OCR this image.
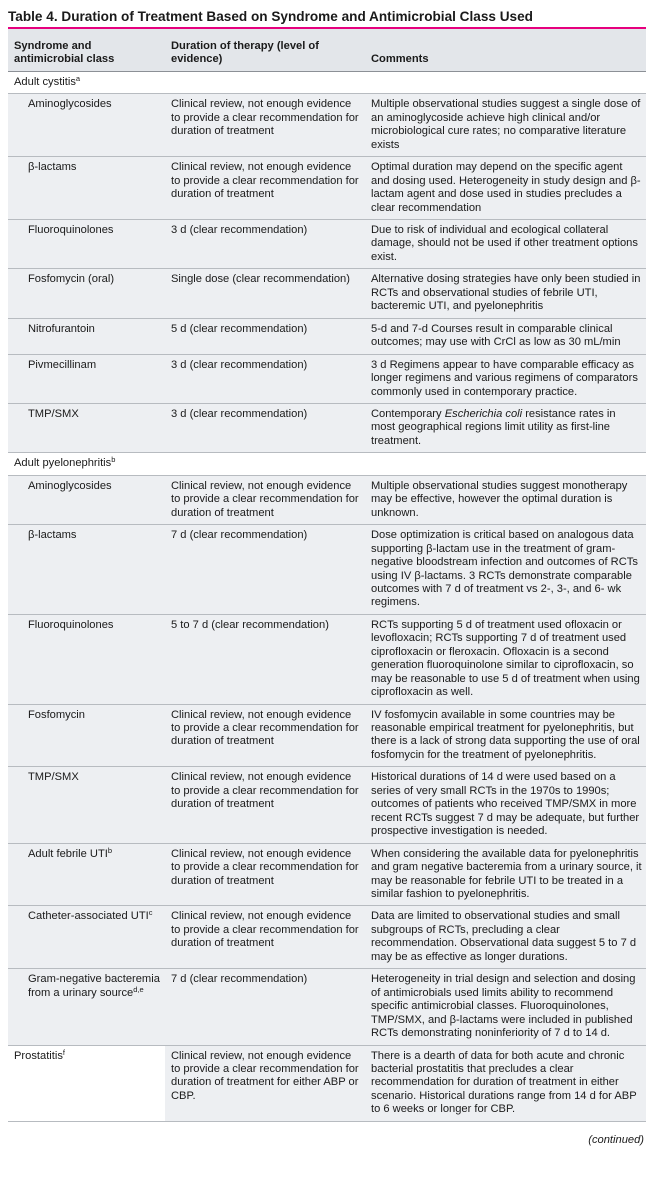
Table 4. Duration of Treatment Based on Syndrome and Antimicrobial Class Used
Syndrome and antimicrobial class	Duration of therapy (level of evidence)	Comments
Adult cystitis$^a$
Aminoglycosides	Clinical review, not enough evidence to provide a clear recommendation for duration of treatment	Multiple observational studies suggest a single dose of an aminoglycoside achieve high clinical and/or microbiological cure rates; no comparative literature exists
β-lactams	Clinical review, not enough evidence to provide a clear recommendation for duration of treatment	Optimal duration may depend on the specific agent and dosing used. Heterogeneity in study design and β-lactam agent and dose used in studies precludes a clear recommendation
Fluoroquinolones	3 d (clear recommendation)	Due to risk of individual and ecological collateral damage, should not be used if other treatment options exist.
Fosfomycin (oral)	Single dose (clear recommendation)	Alternative dosing strategies have only been studied in RCTs and observational studies of febrile UTI, bacteremic UTI, and pyelonephritis
Nitrofurantoin	5 d (clear recommendation)	5-d and 7-d Courses result in comparable clinical outcomes; may use with CrCl as low as 30 mL/min
Pivmecillinam	3 d (clear recommendation)	3 d Regimens appear to have comparable efficacy as longer regimens and various regimens of comparators commonly used in contemporary practice.
TMP/SMX	3 d (clear recommendation)	Contemporary Escherichia coli resistance rates in most geographical regions limit utility as first-line treatment.
Adult pyelonephritis$^b$
Aminoglycosides	Clinical review, not enough evidence to provide a clear recommendation for duration of treatment	Multiple observational studies suggest monotherapy may be effective, however the optimal duration is unknown.
β-lactams	7 d (clear recommendation)	Dose optimization is critical based on analogous data supporting β-lactam use in the treatment of gram-negative bloodstream infection and outcomes of RCTs using IV β-lactams. 3 RCTs demonstrate comparable outcomes with 7 d of treatment vs 2-, 3-, and 6- wk regimens.
Fluoroquinolones	5 to 7 d (clear recommendation)	RCTs supporting 5 d of treatment used ofloxacin or levofloxacin; RCTs supporting 7 d of treatment used ciprofloxacin or fleroxacin. Ofloxacin is a second generation fluoroquinolone similar to ciprofloxacin, so may be reasonable to use 5 d of treatment when using ciprofloxacin as well.
Fosfomycin	Clinical review, not enough evidence to provide a clear recommendation for duration of treatment	IV fosfomycin available in some countries may be reasonable empirical treatment for pyelonephritis, but there is a lack of strong data supporting the use of oral fosfomycin for the treatment of pyelonephritis.
TMP/SMX	Clinical review, not enough evidence to provide a clear recommendation for duration of treatment	Historical durations of 14 d were used based on a series of very small RCTs in the 1970s to 1990s; outcomes of patients who received TMP/SMX in more recent RCTs suggest 7 d may be adequate, but further prospective investigation is needed.
Adult febrile UTI$^b$	Clinical review, not enough evidence to provide a clear recommendation for duration of treatment	When considering the available data for pyelonephritis and gram negative bacteremia from a urinary source, it may be reasonable for febrile UTI to be treated in a similar fashion to pyelonephritis.
Catheter-associated UTI$^c$	Clinical review, not enough evidence to provide a clear recommendation for duration of treatment	Data are limited to observational studies and small subgroups of RCTs, precluding a clear recommendation. Observational data suggest 5 to 7 d may be as effective as longer durations.
Gram-negative bacteremia from a urinary source$^{d,e}$	7 d (clear recommendation)	Heterogeneity in trial design and selection and dosing of antimicrobials used limits ability to recommend specific antimicrobial classes. Fluoroquinolones, TMP/SMX, and β-lactams were included in published RCTs demonstrating noninferiority of 7 d to 14 d.
Prostatitis$^f$	Clinical review, not enough evidence to provide a clear recommendation for duration of treatment for either ABP or CBP.	There is a dearth of data for both acute and chronic bacterial prostatitis that precludes a clear recommendation for duration of treatment in either scenario. Historical durations range from 14 d for ABP to 6 weeks or longer for CBP.
(continued)
